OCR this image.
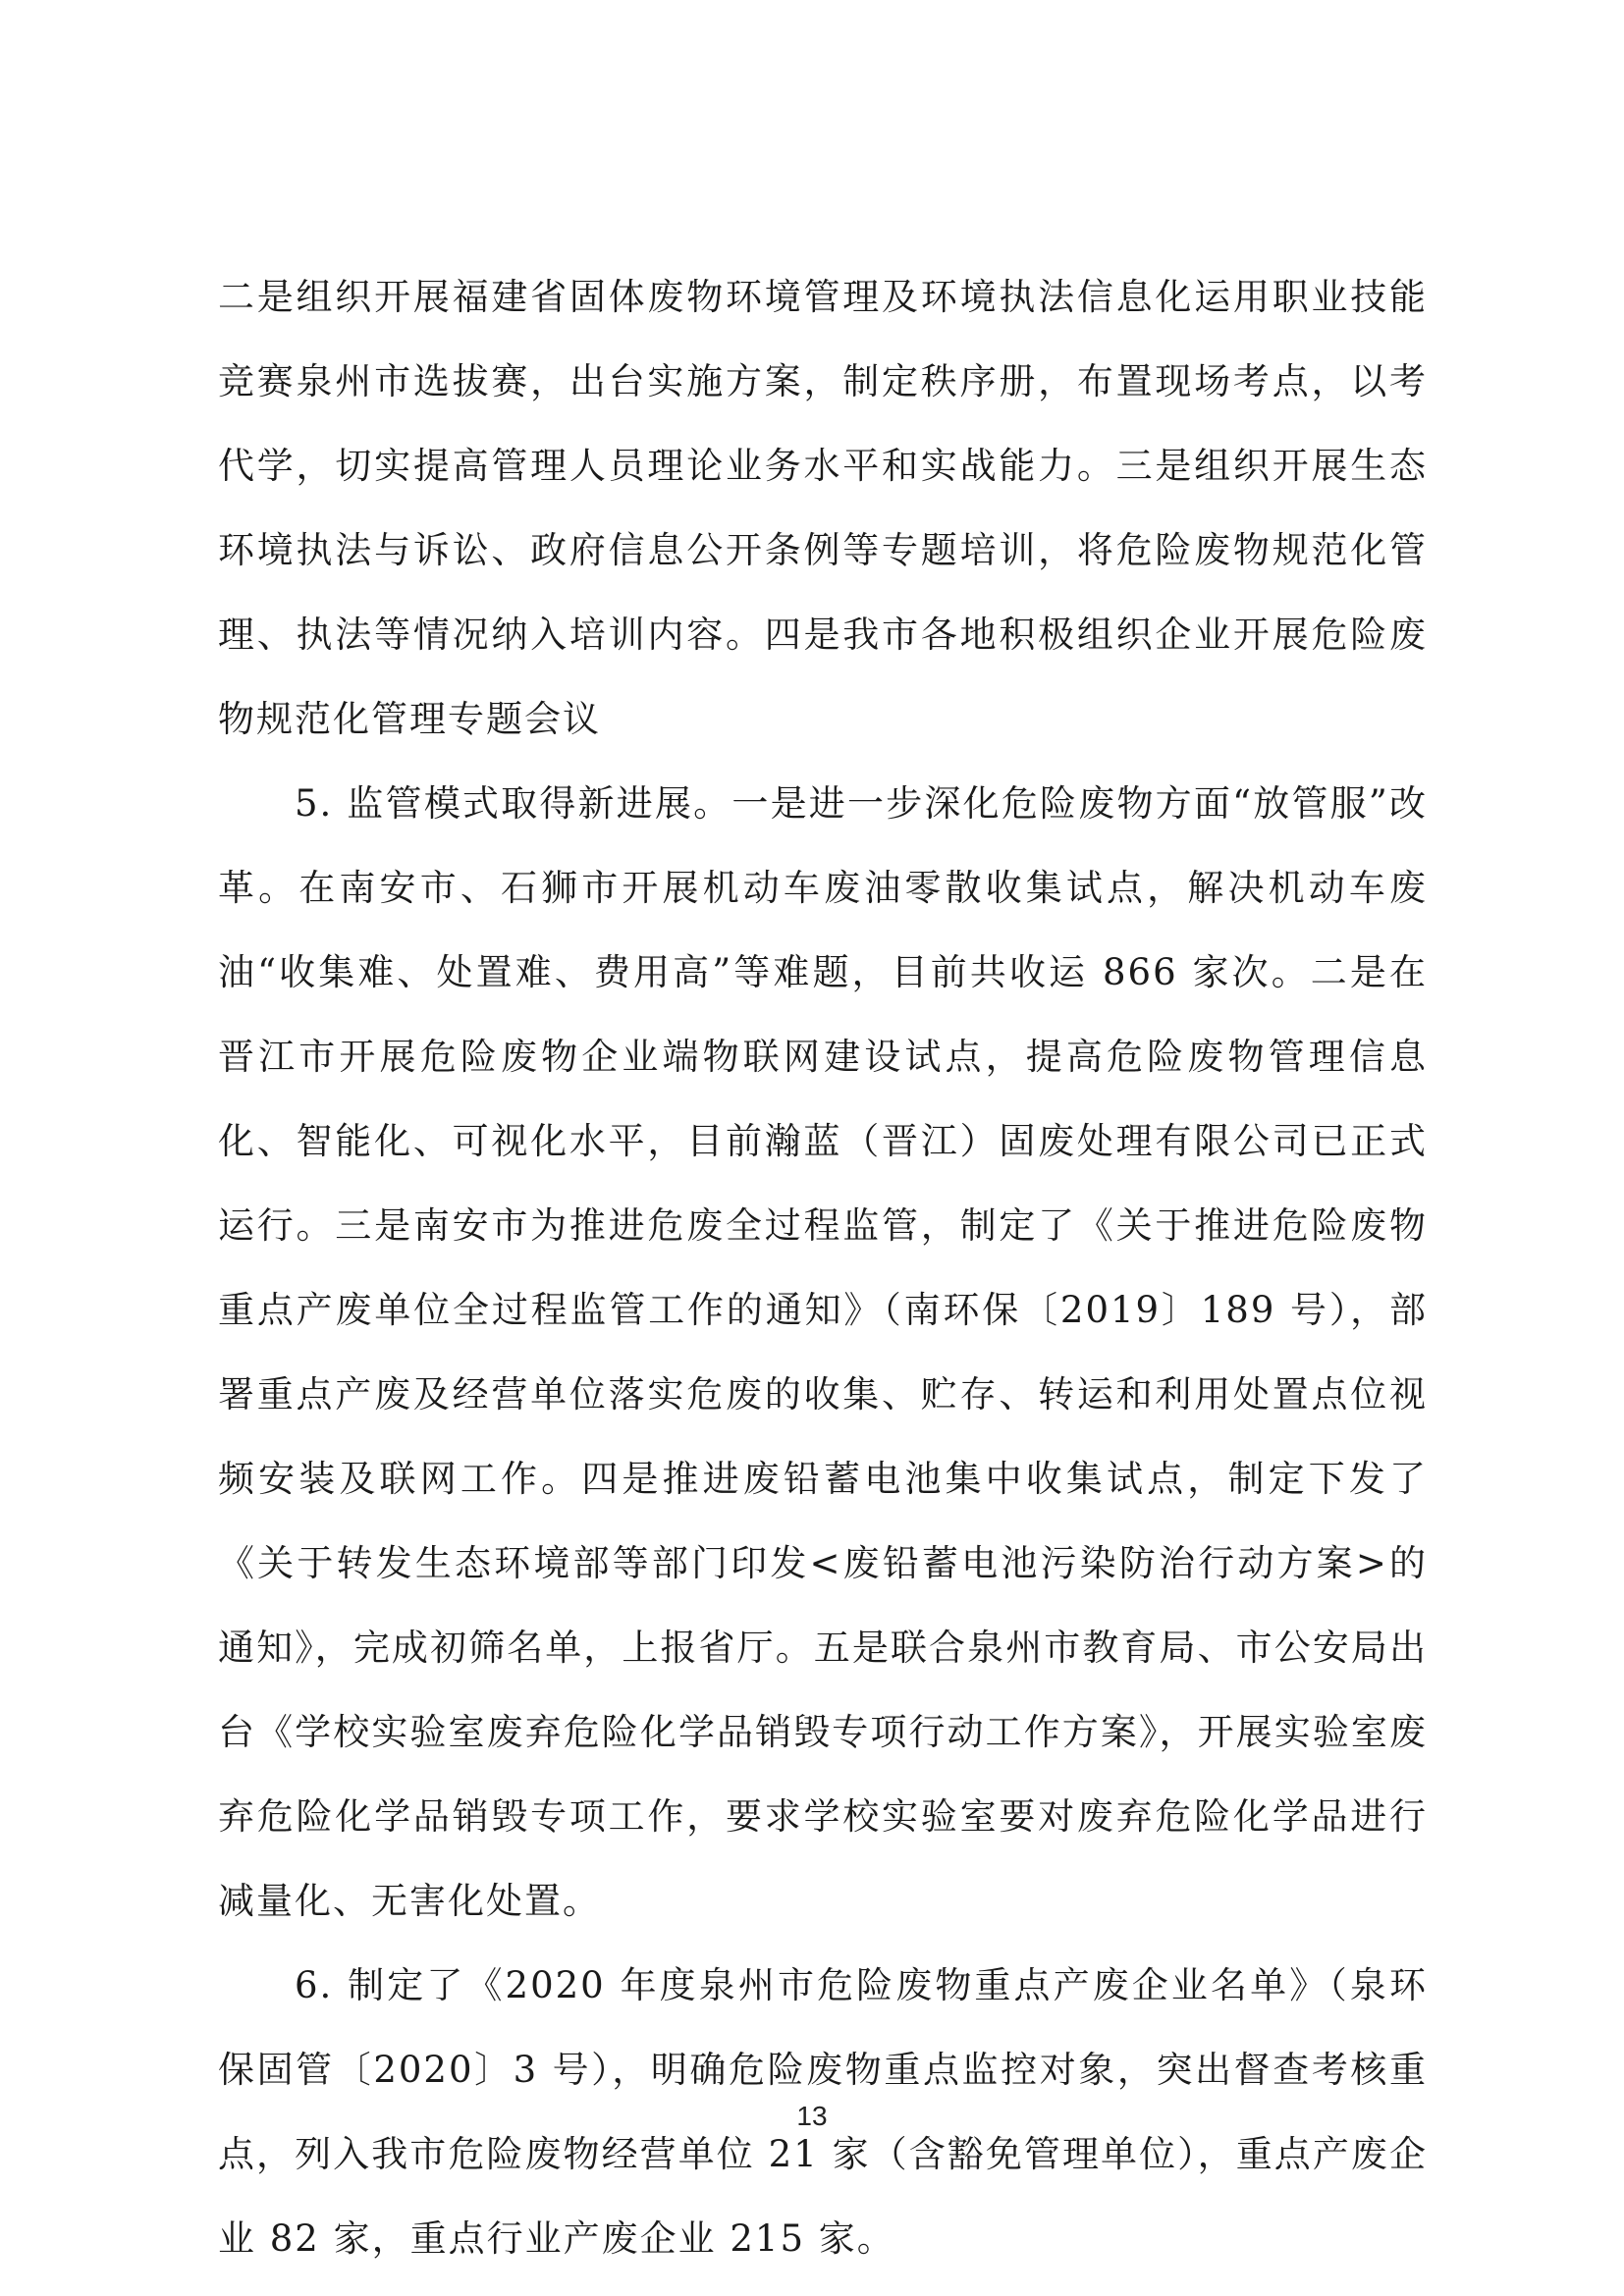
二是组织开展福建省固体废物环境管理及环境执法信息化运用职业技能竞赛泉州市选拔赛，出台实施方案，制定秩序册，布置现场考点，以考代学，切实提高管理人员理论业务水平和实战能力。三是组织开展生态环境执法与诉讼、政府信息公开条例等专题培训，将危险废物规范化管理、执法等情况纳入培训内容。四是我市各地积极组织企业开展危险废物规范化管理专题会议

5. 监管模式取得新进展。一是进一步深化危险废物方面“放管服”改革。在南安市、石狮市开展机动车废油零散收集试点，解决机动车废油“收集难、处置难、费用高”等难题，目前共收运 866 家次。二是在晋江市开展危险废物企业端物联网建设试点，提高危险废物管理信息化、智能化、可视化水平，目前瀚蓝（晋江）固废处理有限公司已正式运行。三是南安市为推进危废全过程监管，制定了《关于推进危险废物重点产废单位全过程监管工作的通知》（南环保〔2019〕189 号），部署重点产废及经营单位落实危废的收集、贮存、转运和利用处置点位视频安装及联网工作。四是推进废铅蓄电池集中收集试点，制定下发了《关于转发生态环境部等部门印发<废铅蓄电池污染防治行动方案>的通知》，完成初筛名单，上报省厅。五是联合泉州市教育局、市公安局出台《学校实验室废弃危险化学品销毁专项行动工作方案》，开展实验室废弃危险化学品销毁专项工作，要求学校实验室要对废弃危险化学品进行减量化、无害化处置。

6. 制定了《2020 年度泉州市危险废物重点产废企业名单》（泉环保固管〔2020〕3 号），明确危险废物重点监控对象，突出督查考核重点，列入我市危险废物经营单位 21 家（含豁免管理单位），重点产废企业 82 家，重点行业产废企业 215 家。

13
